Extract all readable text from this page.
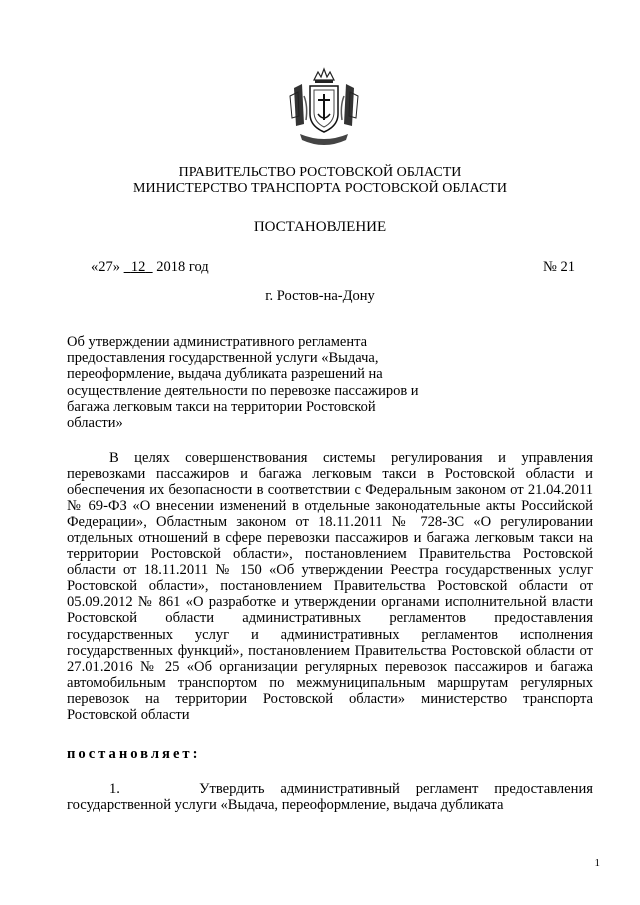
ПРАВИТЕЛЬСТВО РОСТОВСКОЙ ОБЛАСТИ
МИНИСТЕРСТВО ТРАНСПОРТА РОСТОВСКОЙ ОБЛАСТИ
ПОСТАНОВЛЕНИЕ
«27» 12 2018 год	№ 21
г. Ростов-на-Дону
Об утверждении административного регламента предоставления государственной услуги «Выдача, переоформление, выдача дубликата разрешений на осуществление деятельности по перевозке пассажиров и багажа легковым такси на территории Ростовской области»
В целях совершенствования системы регулирования и управления перевозками пассажиров и багажа легковым такси в Ростовской области и обеспечения их безопасности в соответствии с Федеральным законом от 21.04.2011 № 69-ФЗ «О внесении изменений в отдельные законодательные акты Российской Федерации», Областным законом от 18.11.2011 № 728-ЗС «О регулировании отдельных отношений в сфере перевозки пассажиров и багажа легковым такси на территории Ростовской области», постановлением Правительства Ростовской области от 18.11.2011 № 150 «Об утверждении Реестра государственных услуг Ростовской области», постановлением Правительства Ростовской области от 05.09.2012 № 861 «О разработке и утверждении органами исполнительной власти Ростовской области административных регламентов предоставления государственных услуг и административных регламентов исполнения государственных функций», постановлением Правительства Ростовской области от 27.01.2016 № 25 «Об организации регулярных перевозок пассажиров и багажа автомобильным транспортом по межмуниципальным маршрутам регулярных перевозок на территории Ростовской области» министерство транспорта Ростовской области
постановляет:
1.     Утвердить административный регламент предоставления государственной услуги «Выдача, переоформление, выдача дубликата
1
